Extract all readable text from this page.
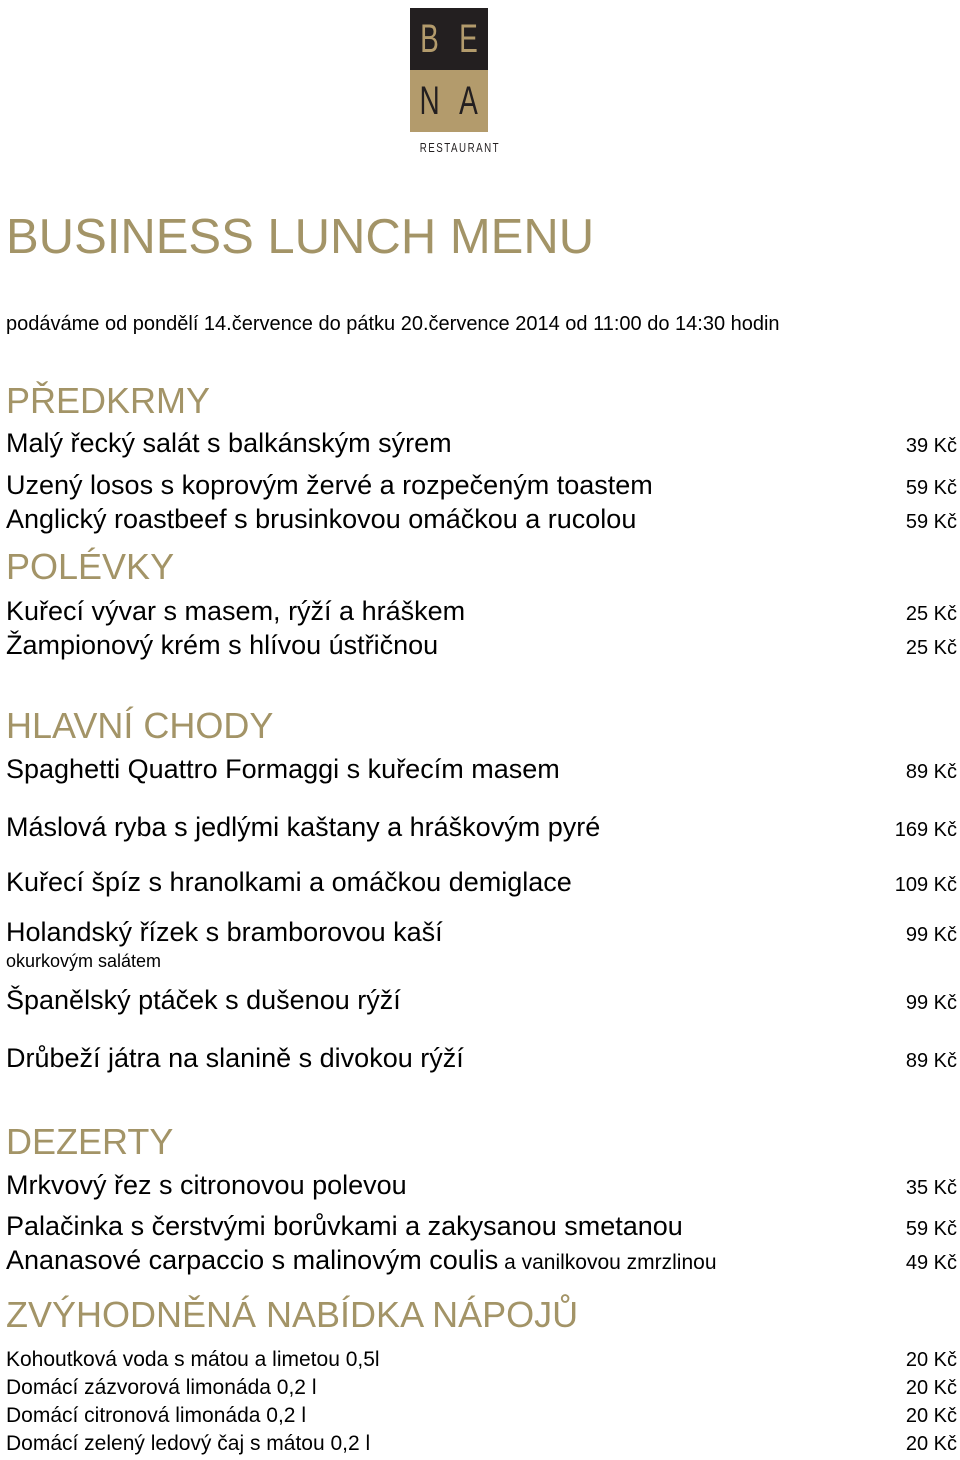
B E
N A
RESTAURANT
BUSINESS LUNCH MENU

podáváme od pondělí 14.července do pátku 20.července 2014 od 11:00 do 14:30 hodin

PŘEDKRMY
Malý řecký salát s balkánským sýrem	39 Kč
Uzený losos s koprovým žervé a rozpečeným toastem	59 Kč
Anglický roastbeef s brusinkovou omáčkou a rucolou	59 Kč
POLÉVKY
Kuřecí vývar s masem, rýží a hráškem	25 Kč
Žampionový krém s hlívou ústřičnou	25 Kč
HLAVNÍ CHODY
Spaghetti Quattro Formaggi s kuřecím masem	89 Kč
Máslová ryba s jedlými kaštany a hráškovým pyré	169 Kč
Kuřecí špíz s hranolkami a omáčkou demiglace	109 Kč
Holandský řízek s bramborovou kaší	99 Kč
okurkovým salátem
Španělský ptáček s dušenou rýží	99 Kč
Drůbeží játra na slanině s divokou rýží	89 Kč
DEZERTY
Mrkvový řez s citronovou polevou	35 Kč
Palačinka s čerstvými borůvkami a zakysanou smetanou	59 Kč
Ananasové carpaccio s malinovým coulis a vanilkovou zmrzlinou	49 Kč
ZVÝHODNĚNÁ NABÍDKA NÁPOJŮ
Kohoutková voda s mátou a limetou 0,5l	20 Kč
Domácí zázvorová limonáda 0,2 l	20 Kč
Domácí citronová limonáda 0,2 l	20 Kč
Domácí zelený ledový čaj s mátou 0,2 l	20 Kč
